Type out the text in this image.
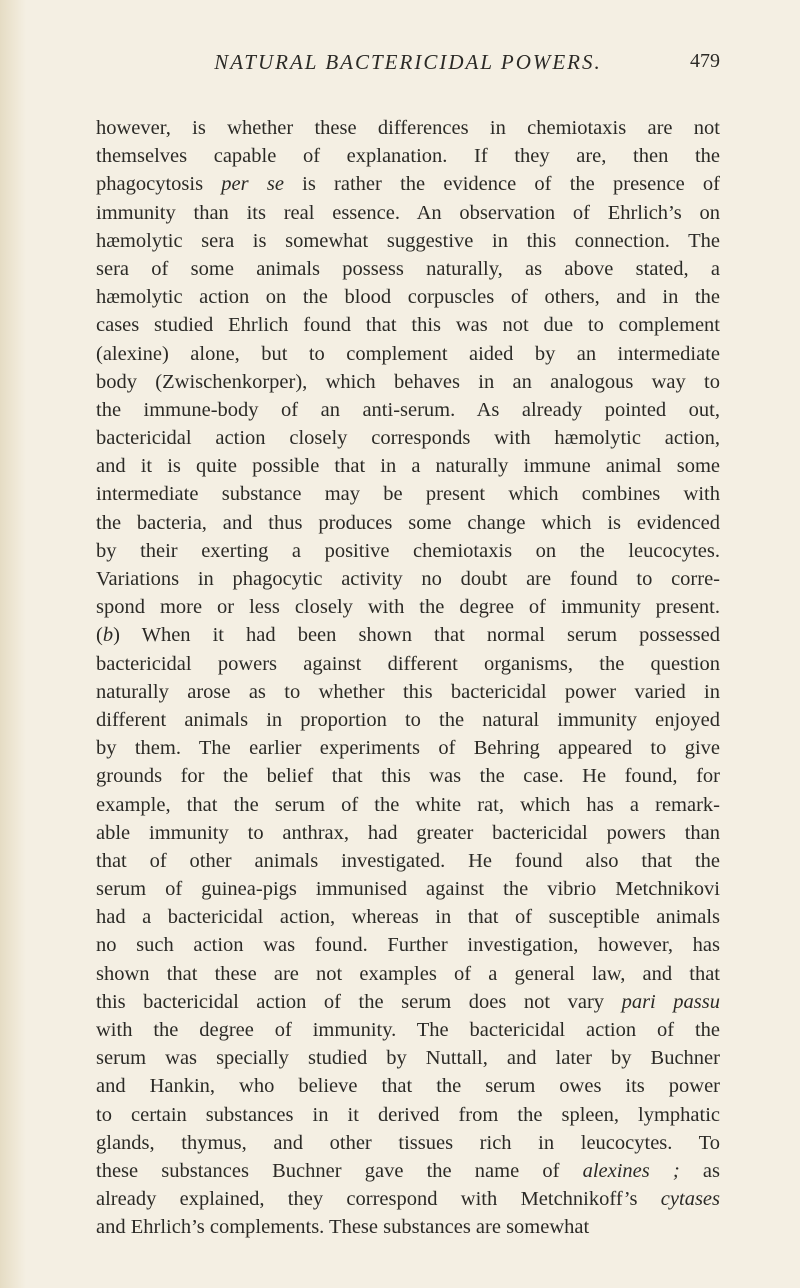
NATURAL BACTERICIDAL POWERS.	479
however, is whether these differences in chemiotaxis are not
themselves capable of explanation. If they are, then the
phagocytosis per se is rather the evidence of the presence of
immunity than its real essence. An observation of Ehrlich’s on
hæmolytic sera is somewhat suggestive in this connection. The
sera of some animals possess naturally, as above stated, a
hæmolytic action on the blood corpuscles of others, and in the
cases studied Ehrlich found that this was not due to complement
(alexine) alone, but to complement aided by an intermediate
body (Zwischenkorper), which behaves in an analogous way to
the immune-body of an anti-serum. As already pointed out,
bactericidal action closely corresponds with hæmolytic action,
and it is quite possible that in a naturally immune animal some
intermediate substance may be present which combines with
the bacteria, and thus produces some change which is evidenced
by their exerting a positive chemiotaxis on the leucocytes.
Variations in phagocytic activity no doubt are found to corre-
spond more or less closely with the degree of immunity present.
(b) When it had been shown that normal serum possessed
bactericidal powers against different organisms, the question
naturally arose as to whether this bactericidal power varied in
different animals in proportion to the natural immunity enjoyed
by them. The earlier experiments of Behring appeared to give
grounds for the belief that this was the case. He found, for
example, that the serum of the white rat, which has a remark-
able immunity to anthrax, had greater bactericidal powers than
that of other animals investigated. He found also that the
serum of guinea-pigs immunised against the vibrio Metchnikovi
had a bactericidal action, whereas in that of susceptible animals
no such action was found. Further investigation, however, has
shown that these are not examples of a general law, and that
this bactericidal action of the serum does not vary pari passu
with the degree of immunity. The bactericidal action of the
serum was specially studied by Nuttall, and later by Buchner
and Hankin, who believe that the serum owes its power
to certain substances in it derived from the spleen, lymphatic
glands, thymus, and other tissues rich in leucocytes. To
these substances Buchner gave the name of alexines ; as
already explained, they correspond with Metchnikoff’s cytases
and Ehrlich’s complements. These substances are somewhat
